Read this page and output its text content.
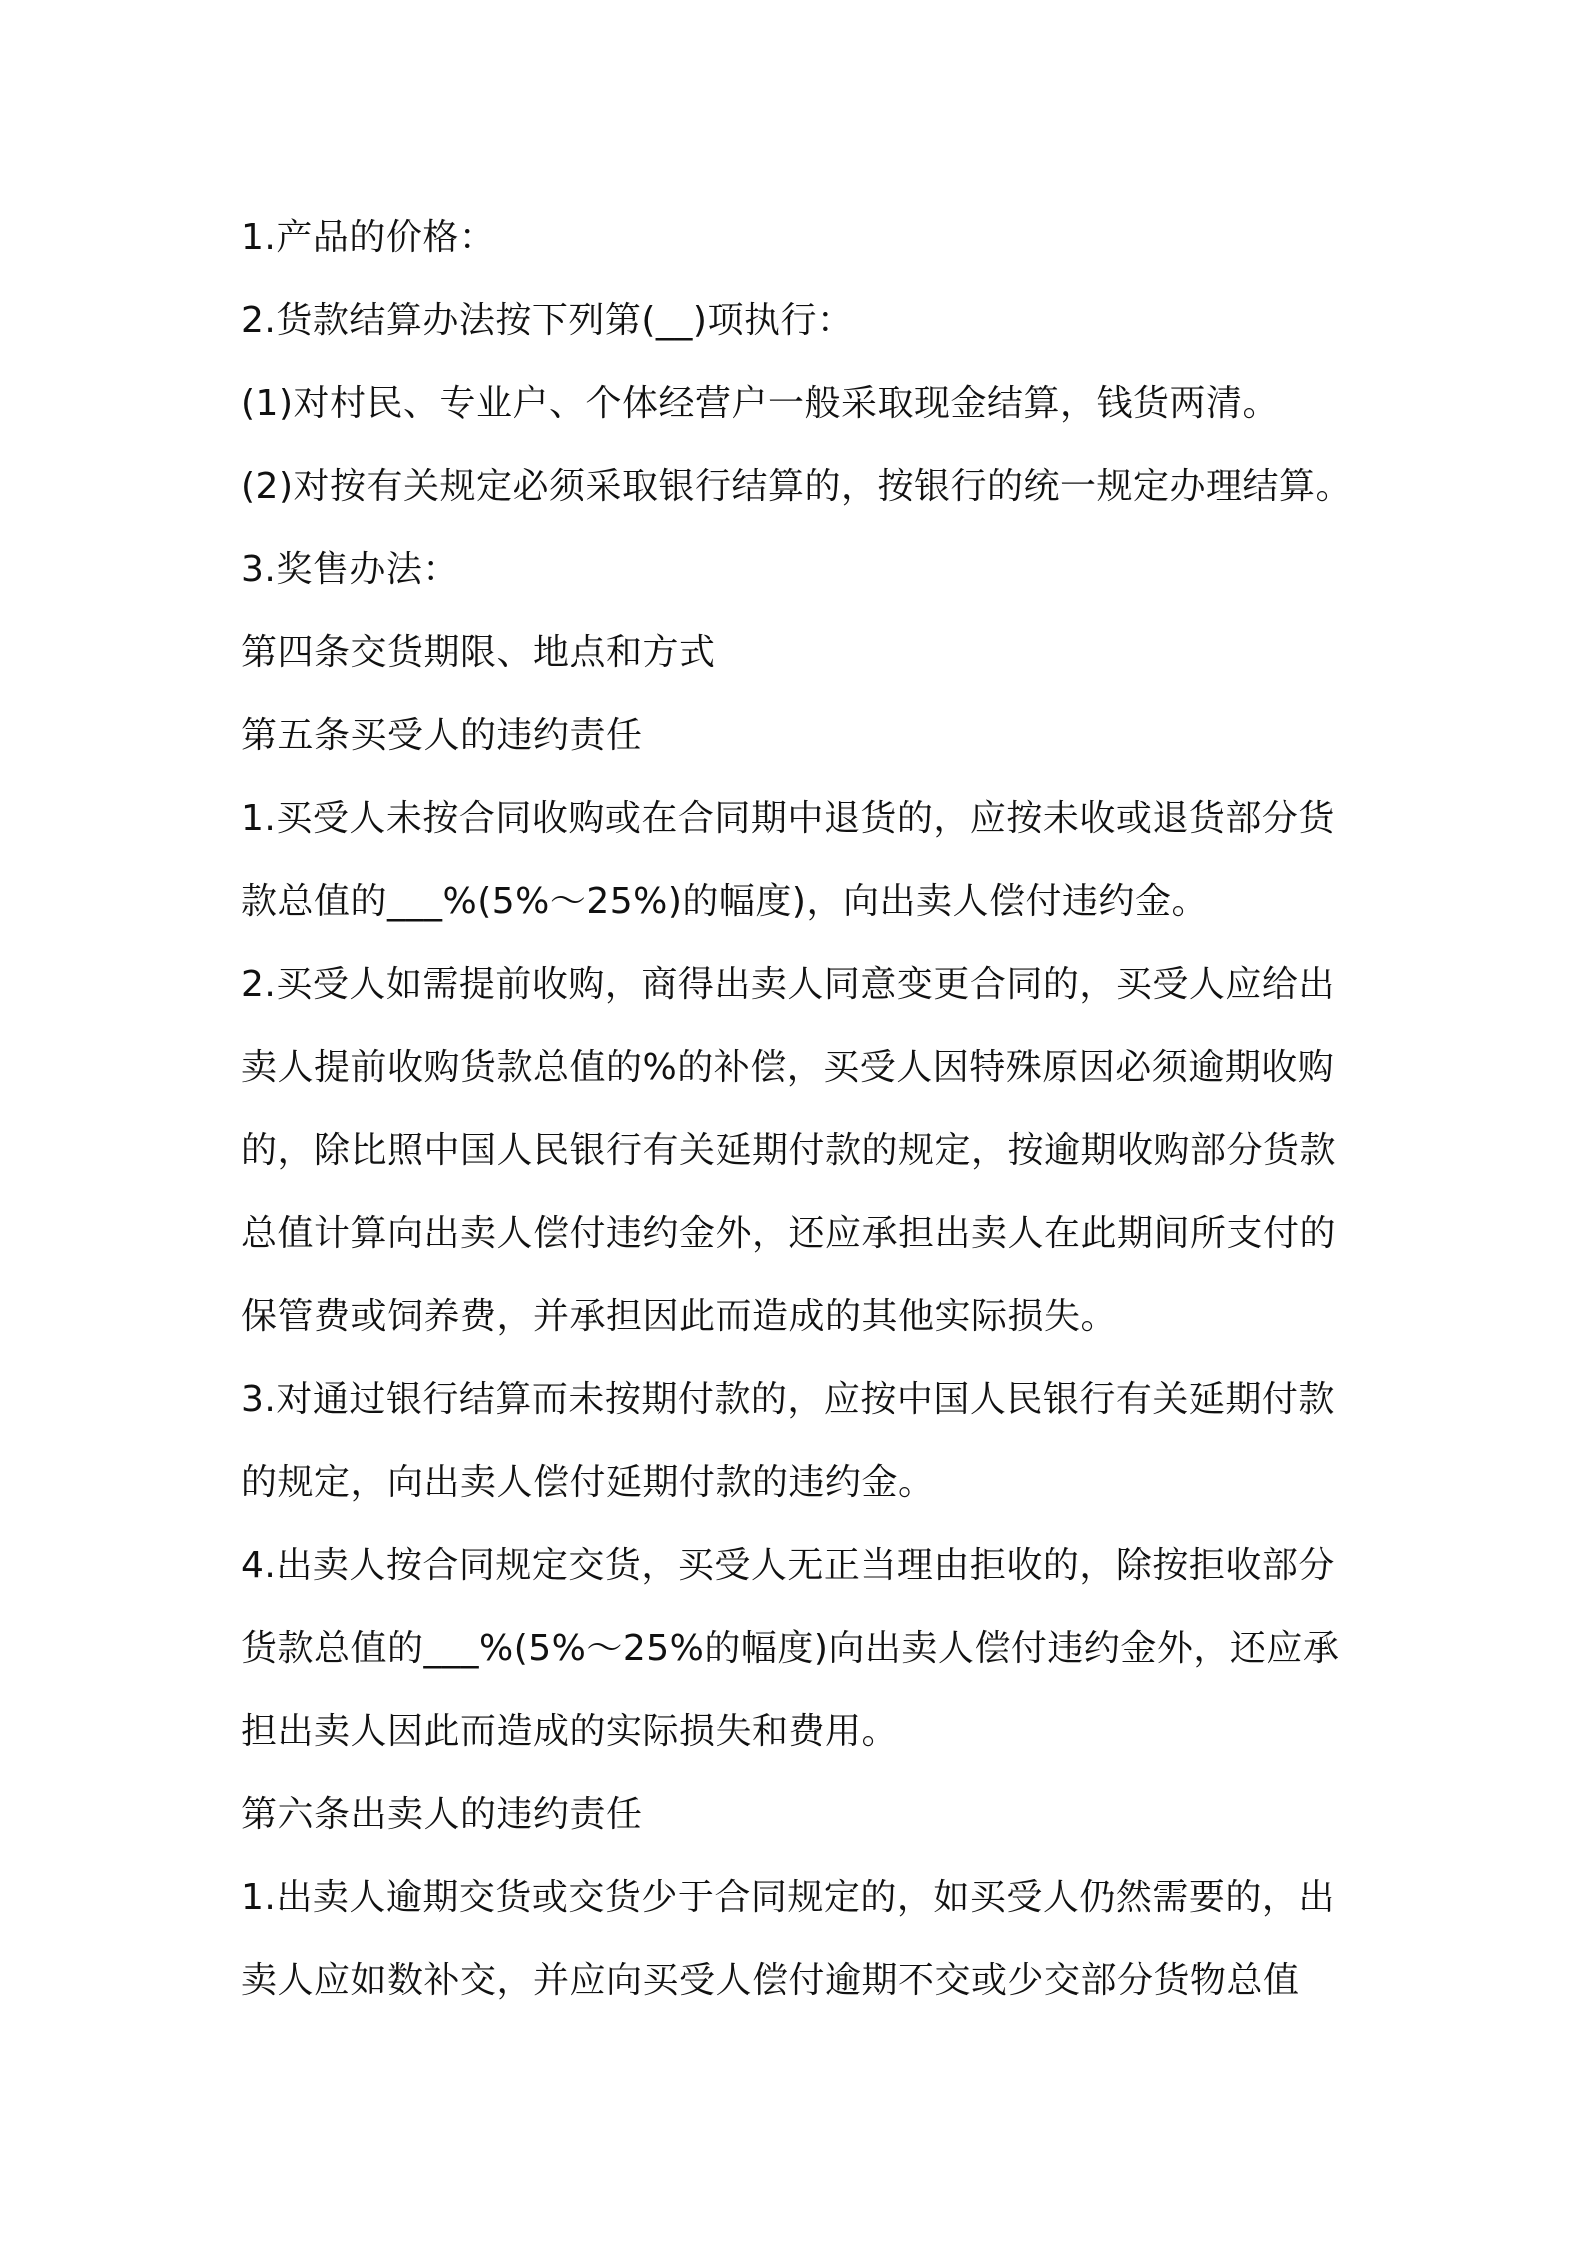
1.产品的价格：
2.货款结算办法按下列第(__)项执行：
(1)对村民、专业户、个体经营户一般采取现金结算，钱货两清。
(2)对按有关规定必须采取银行结算的，按银行的统一规定办理结算。
3.奖售办法：
第四条交货期限、地点和方式
第五条买受人的违约责任
1.买受人未按合同收购或在合同期中退货的，应按未收或退货部分货
款总值的___%(5%～25%)的幅度)，向出卖人偿付违约金。
2.买受人如需提前收购，商得出卖人同意变更合同的，买受人应给出
卖人提前收购货款总值的%的补偿，买受人因特殊原因必须逾期收购
的，除比照中国人民银行有关延期付款的规定，按逾期收购部分货款
总值计算向出卖人偿付违约金外，还应承担出卖人在此期间所支付的
保管费或饲养费，并承担因此而造成的其他实际损失。
3.对通过银行结算而未按期付款的，应按中国人民银行有关延期付款
的规定，向出卖人偿付延期付款的违约金。
4.出卖人按合同规定交货，买受人无正当理由拒收的，除按拒收部分
货款总值的___%(5%～25%的幅度)向出卖人偿付违约金外，还应承
担出卖人因此而造成的实际损失和费用。
第六条出卖人的违约责任
1.出卖人逾期交货或交货少于合同规定的，如买受人仍然需要的，出
卖人应如数补交，并应向买受人偿付逾期不交或少交部分货物总值
